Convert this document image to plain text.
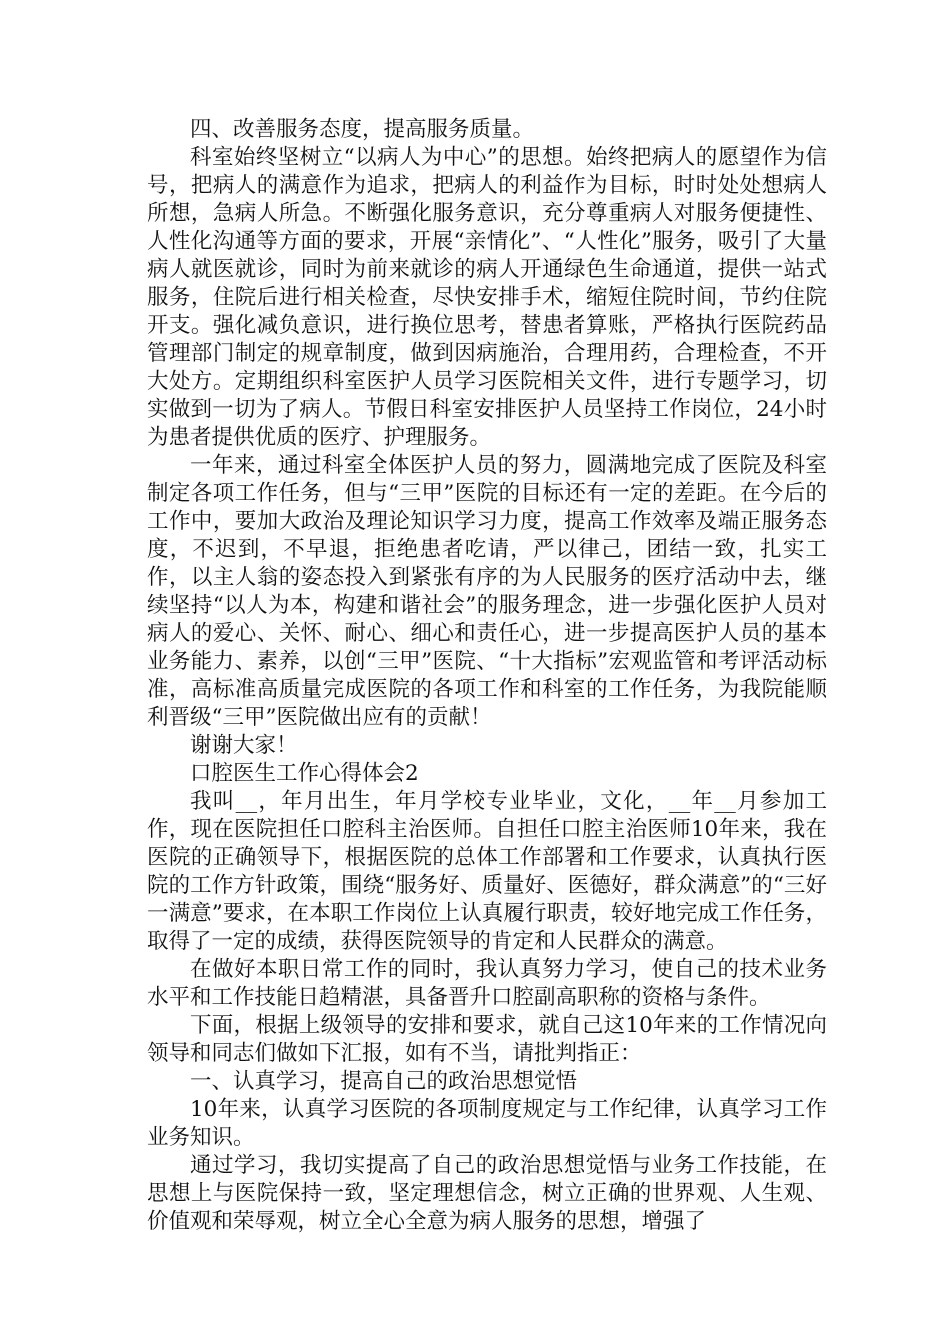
四、改善服务态度，提高服务质量。

科室始终坚树立“以病人为中心”的思想。始终把病人的愿望作为信号，把病人的满意作为追求，把病人的利益作为目标，时时处处想病人所想，急病人所急。不断强化服务意识，充分尊重病人对服务便捷性、人性化沟通等方面的要求，开展“亲情化”、“人性化”服务，吸引了大量病人就医就诊，同时为前来就诊的病人开通绿色生命通道，提供一站式服务，住院后进行相关检查，尽快安排手术，缩短住院时间，节约住院开支。强化减负意识，进行换位思考，替患者算账，严格执行医院药品管理部门制定的规章制度，做到因病施治，合理用药，合理检查，不开大处方。定期组织科室医护人员学习医院相关文件，进行专题学习，切实做到一切为了病人。节假日科室安排医护人员坚持工作岗位，24小时为患者提供优质的医疗、护理服务。

一年来，通过科室全体医护人员的努力，圆满地完成了医院及科室制定各项工作任务，但与“三甲”医院的目标还有一定的差距。在今后的工作中，要加大政治及理论知识学习力度，提高工作效率及端正服务态度，不迟到，不早退，拒绝患者吃请，严以律己，团结一致，扎实工作，以主人翁的姿态投入到紧张有序的为人民服务的医疗活动中去，继续坚持“以人为本，构建和谐社会”的服务理念，进一步强化医护人员对病人的爱心、关怀、耐心、细心和责任心，进一步提高医护人员的基本业务能力、素养，以创“三甲”医院、“十大指标”宏观监管和考评活动标准，高标准高质量完成医院的各项工作和科室的工作任务，为我院能顺利晋级“三甲”医院做出应有的贡献！

谢谢大家！

口腔医生工作心得体会2

我叫__，年月出生，年月学校专业毕业，文化，__年__月参加工作，现在医院担任口腔科主治医师。自担任口腔主治医师10年来，我在医院的正确领导下，根据医院的总体工作部署和工作要求，认真执行医院的工作方针政策，围绕“服务好、质量好、医德好，群众满意”的“三好一满意”要求，在本职工作岗位上认真履行职责，较好地完成工作任务，取得了一定的成绩，获得医院领导的肯定和人民群众的满意。

在做好本职日常工作的同时，我认真努力学习，使自己的技术业务水平和工作技能日趋精湛，具备晋升口腔副高职称的资格与条件。

下面，根据上级领导的安排和要求，就自己这10年来的工作情况向领导和同志们做如下汇报，如有不当，请批判指正：

一、认真学习，提高自己的政治思想觉悟

10年来，认真学习医院的各项制度规定与工作纪律，认真学习工作业务知识。

通过学习，我切实提高了自己的政治思想觉悟与业务工作技能，在思想上与医院保持一致，坚定理想信念，树立正确的世界观、人生观、价值观和荣辱观，树立全心全意为病人服务的思想，增强了
